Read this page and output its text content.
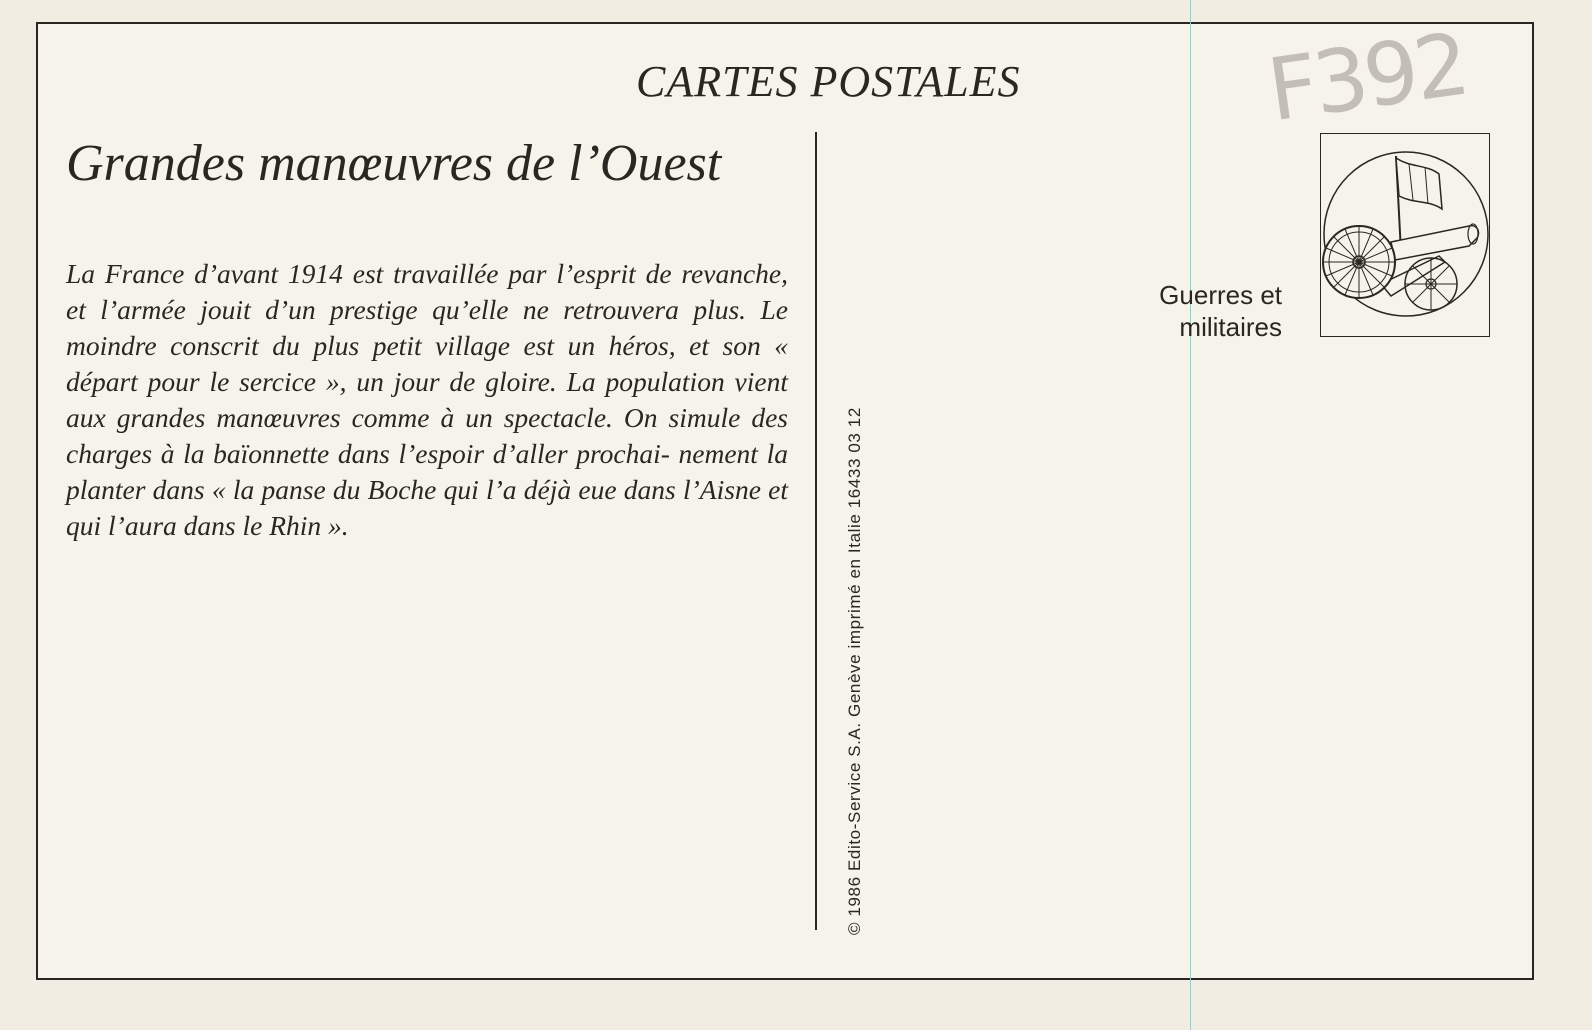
F392
CARTES POSTALES
Grandes manœuvres de l’Ouest
La France d’avant 1914 est travaillée par l’esprit de revanche, et l’armée jouit d’un prestige qu’elle ne retrouvera plus. Le moindre conscrit du plus petit village est un héros, et son « départ pour le sercice », un jour de gloire. La population vient aux grandes manœuvres comme à un spectacle. On simule des charges à la baïonnette dans l’espoir d’aller prochai- nement la planter dans « la panse du Boche qui l’a déjà eue dans l’Aisne et qui l’aura dans le Rhin ».	© 1986 Edito-Service S.A. Genève imprimé en Italie 16433 03 12
Guerres et
militaires
